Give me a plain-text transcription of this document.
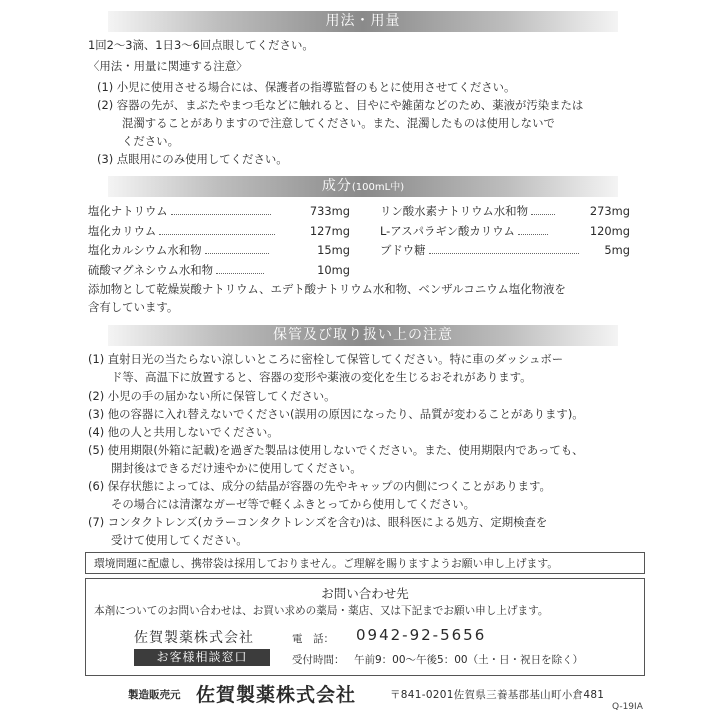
用法・用量
1回2〜3滴、1日3〜6回点眼してください。
〈用法・用量に関連する注意〉
(1) 小児に使用させる場合には、保護者の指導監督のもとに使用させてください。
(2) 容器の先が、まぶたやまつ毛などに触れると、目やにや雑菌などのため、薬液が汚染または
混濁することがありますので注意してください。また、混濁したものは使用しないで
ください。
(3) 点眼用にのみ使用してください。
成分(100mL中)
塩化ナトリウム	733mg
塩化カリウム	127mg
塩化カルシウム水和物	15mg
硫酸マグネシウム水和物	10mg
リン酸水素ナトリウム水和物	273mg
L-アスパラギン酸カリウム	120mg
ブドウ糖	5mg
添加物として乾燥炭酸ナトリウム、エデト酸ナトリウム水和物、ベンザルコニウム塩化物液を
含有しています。
保管及び取り扱い上の注意
(1) 直射日光の当たらない涼しいところに密栓して保管してください。特に車のダッシュボー
ド等、高温下に放置すると、容器の変形や薬液の変化を生じるおそれがあります。
(2) 小児の手の届かない所に保管してください。
(3) 他の容器に入れ替えないでください(誤用の原因になったり、品質が変わることがあります)。
(4) 他の人と共用しないでください。
(5) 使用期限(外箱に記載)を過ぎた製品は使用しないでください。また、使用期限内であっても、
開封後はできるだけ速やかに使用してください。
(6) 保存状態によっては、成分の結晶が容器の先やキャップの内側につくことがあります。
その場合には清潔なガーゼ等で軽くふきとってから使用してください。
(7) コンタクトレンズ(カラーコンタクトレンズを含む)は、眼科医による処方、定期検査を
受けて使用してください。
環境問題に配慮し、携帯袋は採用しておりません。ご理解を賜りますようお願い申し上げます。
お問い合わせ先
本剤についてのお問い合わせは、お買い求めの薬局・薬店、又は下記までお願い申し上げます。
佐賀製薬株式会社
お客様相談窓口
電　話： 0942-92-5656
受付時間： 午前9：00〜午後5：00（土・日・祝日を除く）
製造販売元 佐賀製薬株式会社	〒841-0201佐賀県三養基郡基山町小倉481
Q-19IA
